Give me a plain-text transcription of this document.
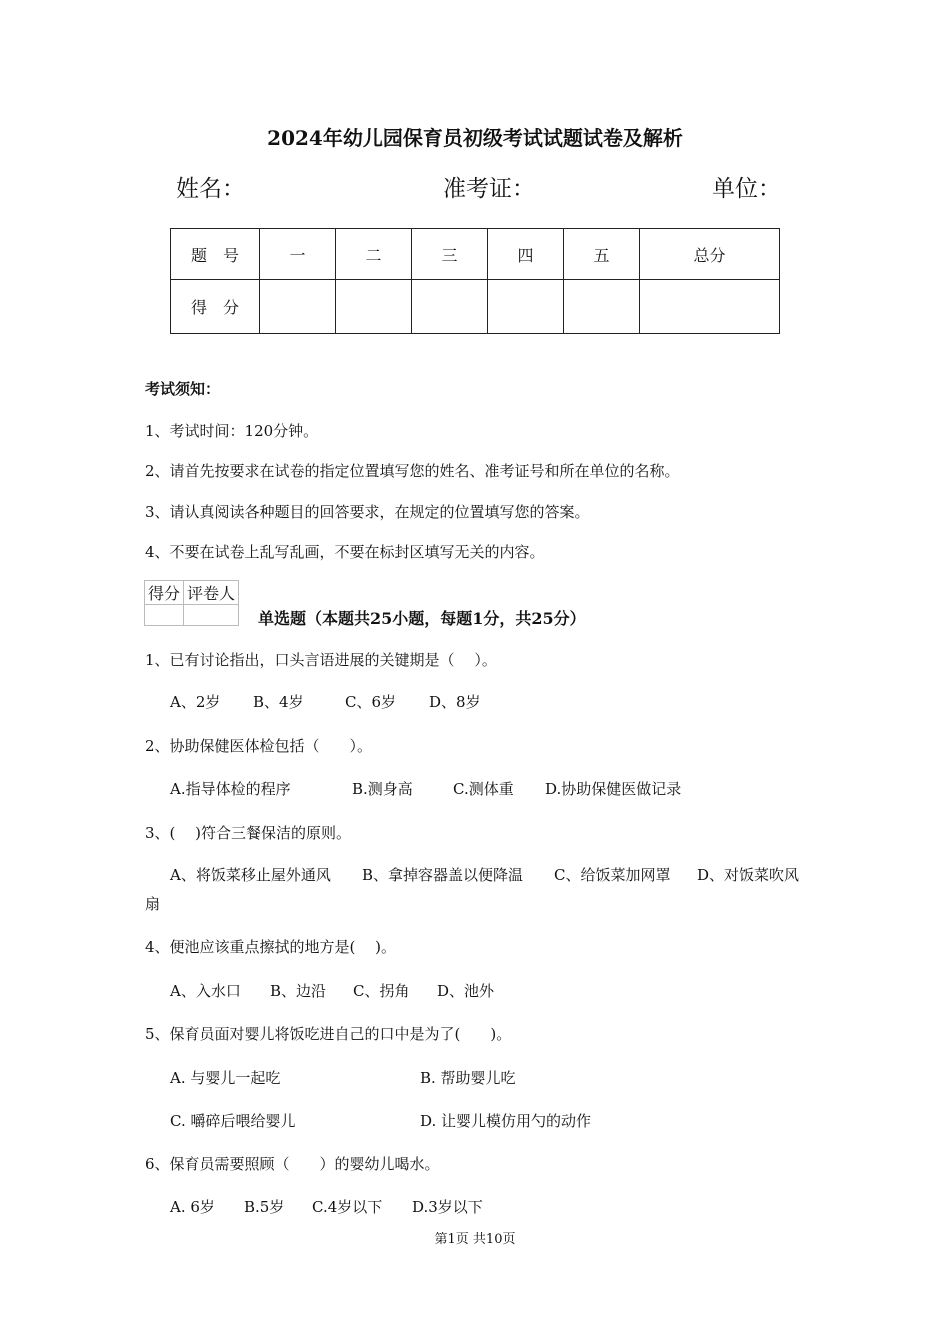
2024年幼儿园保育员初级考试试题试卷及解析
姓名：	准考证：	单位：
题　号	一	二	三	四	五	总分
得　分						
考试须知：
1、考试时间：120分钟。
2、请首先按要求在试卷的指定位置填写您的姓名、准考证号和所在单位的名称。
3、请认真阅读各种题目的回答要求，在规定的位置填写您的答案。
4、不要在试卷上乱写乱画，不要在标封区填写无关的内容。
得分	评卷人

单选题（本题共25小题，每题1分，共25分）
1、已有讨论指出，口头言语进展的关键期是（　 ）。
A、2岁 B、4岁	C、6岁 D、8岁
2、协助保健医体检包括（　　）。
A.指导体检的程序	B.测身高	C.测体重 D.协助保健医做记录
3、(　 )符合三餐保洁的原则。
A、将饭菜移止屋外通风 B、拿掉容器盖以便降温 C、给饭菜加网罩 D、对饭菜吹风
扇
4、便池应该重点擦拭的地方是(　 )。
A、入水口 B、边沿 C、拐角 D、池外
5、保育员面对婴儿将饭吃进自己的口中是为了(　　)。
A. 与婴儿一起吃	B. 帮助婴儿吃
C. 嚼碎后喂给婴儿	D. 让婴儿模仿用勺的动作
6、保育员需要照顾（　　）的婴幼儿喝水。
A. 6岁 B.5岁 C.4岁以下 D.3岁以下
第1页 共10页
